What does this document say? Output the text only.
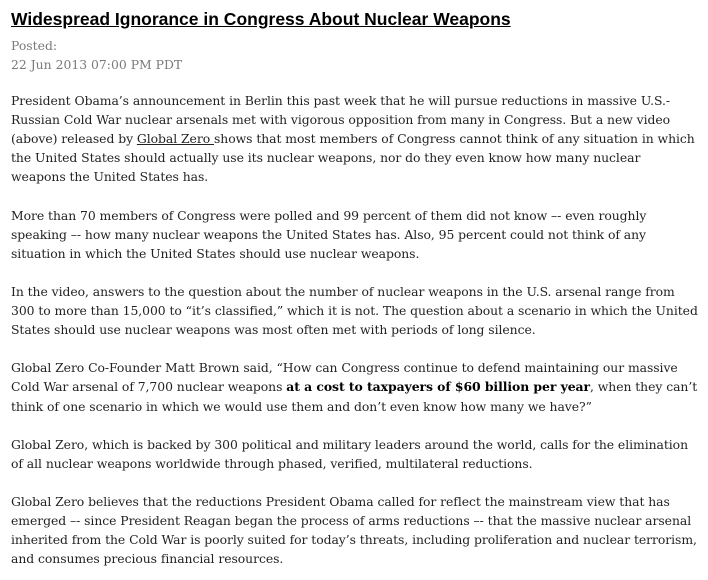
Widespread Ignorance in Congress About Nuclear Weapons
Posted:
22 Jun 2013 07:00 PM PDT

President Obama’s announcement in Berlin this past week that he will pursue reductions in massive U.S.-Russian Cold War nuclear arsenals met with vigorous opposition from many in Congress. But a new video (above) released by Global Zero shows that most members of Congress cannot think of any situation in which the United States should actually use its nuclear weapons, nor do they even know how many nuclear weapons the United States has.

More than 70 members of Congress were polled and 99 percent of them did not know –- even roughly speaking –- how many nuclear weapons the United States has. Also, 95 percent could not think of any situation in which the United States should use nuclear weapons.

In the video, answers to the question about the number of nuclear weapons in the U.S. arsenal range from 300 to more than 15,000 to “it’s classified,” which it is not. The question about a scenario in which the United States should use nuclear weapons was most often met with periods of long silence.

Global Zero Co-Founder Matt Brown said, “How can Congress continue to defend maintaining our massive Cold War arsenal of 7,700 nuclear weapons at a cost to taxpayers of $60 billion per year, when they can’t think of one scenario in which we would use them and don’t even know how many we have?”

Global Zero, which is backed by 300 political and military leaders around the world, calls for the elimination of all nuclear weapons worldwide through phased, verified, multilateral reductions.

Global Zero believes that the reductions President Obama called for reflect the mainstream view that has emerged –- since President Reagan began the process of arms reductions –- that the massive nuclear arsenal inherited from the Cold War is poorly suited for today’s threats, including proliferation and nuclear terrorism, and consumes precious financial resources.
